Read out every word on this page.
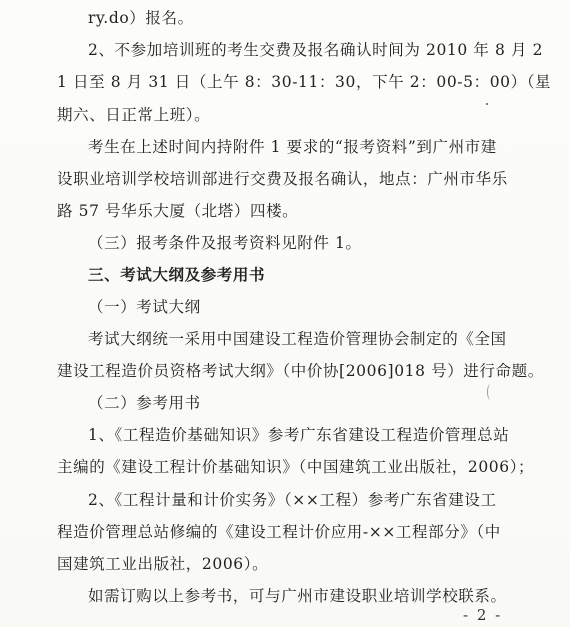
ry.do）报名。
2、不参加培训班的考生交费及报名确认时间为 2010 年 8 月 2
1 日至 8 月 31 日（上午 8：30-11：30，下午 2：00-5：00）（星
期六、日正常上班）。
考生在上述时间内持附件 1 要求的“报考资料”到广州市建
设职业培训学校培训部进行交费及报名确认，地点：广州市华乐
路 57 号华乐大厦（北塔）四楼。
（三）报考条件及报考资料见附件 1。
三、考试大纲及参考用书
（一）考试大纲
考试大纲统一采用中国建设工程造价管理协会制定的《全国
建设工程造价员资格考试大纲》（中价协[2006]018 号）进行命题。
（二）参考用书
1、《工程造价基础知识》参考广东省建设工程造价管理总站
主编的《建设工程计价基础知识》（中国建筑工业出版社，2006）；
2、《工程计量和计价实务》（××工程）参考广东省建设工
程造价管理总站修编的《建设工程计价应用-××工程部分》（中
国建筑工业出版社，2006）。
如需订购以上参考书，可与广州市建设职业培训学校联系。
- 2 -
